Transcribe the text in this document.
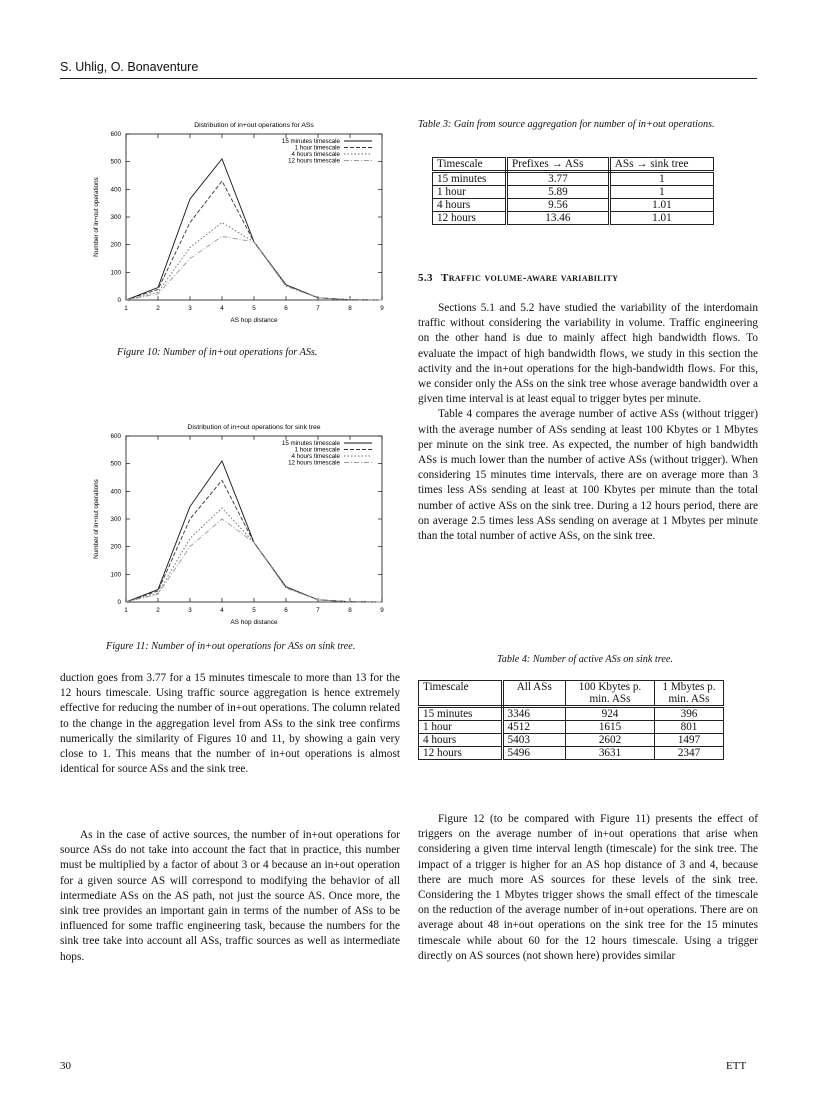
S. Uhlig, O. Bonaventure
Distribution of in+out operations for ASs
0
100
200
300
400
500
600
1	2	3	4	5	6	7	8	9
AS hop distance
Number of in+out operations
15 minutes timescale
1 hour timescale
4 hours timescale
12 hours timescale
Figure 10: Number of in+out operations for ASs.
Distribution of in+out operations for sink tree
0
100
200
300
400
500
600
1	2	3	4	5	6	7	8	9
AS hop distance
Number of in+out operations
15 minutes timescale
1 hour timescale
4 hours timescale
12 hours timescale
Figure 11: Number of in+out operations for ASs on sink tree.

duction goes from 3.77 for a 15 minutes timescale to more than 13 for the 12 hours timescale. Using traffic source aggregation is hence extremely effective for reducing the number of in+out operations. The column related to the change in the aggregation level from ASs to the sink tree confirms numerically the similarity of Figures 10 and 11, by showing a gain very close to 1. This means that the number of in+out operations is almost identical for source ASs and the sink tree.

As in the case of active sources, the number of in+out operations for source ASs do not take into account the fact that in practice, this number must be multiplied by a factor of about 3 or 4 because an in+out operation for a given source AS will correspond to modifying the behavior of all intermediate ASs on the AS path, not just the source AS. Once more, the sink tree provides an important gain in terms of the number of ASs to be influenced for some traffic engineering task, because the numbers for the sink tree take into account all ASs, traffic sources as well as intermediate hops.

Table 3: Gain from source aggregation for number of in+out operations.
Timescale	Prefixes → ASs	ASs → sink tree
15 minutes	3.77	1
1 hour	5.89	1
4 hours	9.56	1.01
12 hours	13.46	1.01
5.3 Traffic volume-aware variability

Sections 5.1 and 5.2 have studied the variability of the interdomain traffic without considering the variability in volume. Traffic engineering on the other hand is due to mainly affect high bandwidth flows. To evaluate the impact of high bandwidth flows, we study in this section the activity and the in+out operations for the high-bandwidth flows. For this, we consider only the ASs on the sink tree whose average bandwidth over a given time interval is at least equal to trigger bytes per minute.

Table 4 compares the average number of active ASs (without trigger) with the average number of ASs sending at least 100 Kbytes or 1 Mbytes per minute on the sink tree. As expected, the number of high bandwidth ASs is much lower than the number of active ASs (without trigger). When considering 15 minutes time intervals, there are on average more than 3 times less ASs sending at least at 100 Kbytes per minute than the total number of active ASs on the sink tree. During a 12 hours period, there are on average 2.5 times less ASs sending on average at 1 Mbytes per minute than the total number of active ASs, on the sink tree.

Table 4: Number of active ASs on sink tree.
Timescale	All ASs	100 Kbytes p. min. ASs	1 Mbytes p. min. ASs
15 minutes	3346	924	396
1 hour	4512	1615	801
4 hours	5403	2602	1497
12 hours	5496	3631	2347

Figure 12 (to be compared with Figure 11) presents the effect of triggers on the average number of in+out operations that arise when considering a given time interval length (timescale) for the sink tree. The impact of a trigger is higher for an AS hop distance of 3 and 4, because there are much more AS sources for these levels of the sink tree. Considering the 1 Mbytes trigger shows the small effect of the timescale on the reduction of the average number of in+out operations. There are on average about 48 in+out operations on the sink tree for the 15 minutes timescale while about 60 for the 12 hours timescale. Using a trigger directly on AS sources (not shown here) provides similar

30	ETT
